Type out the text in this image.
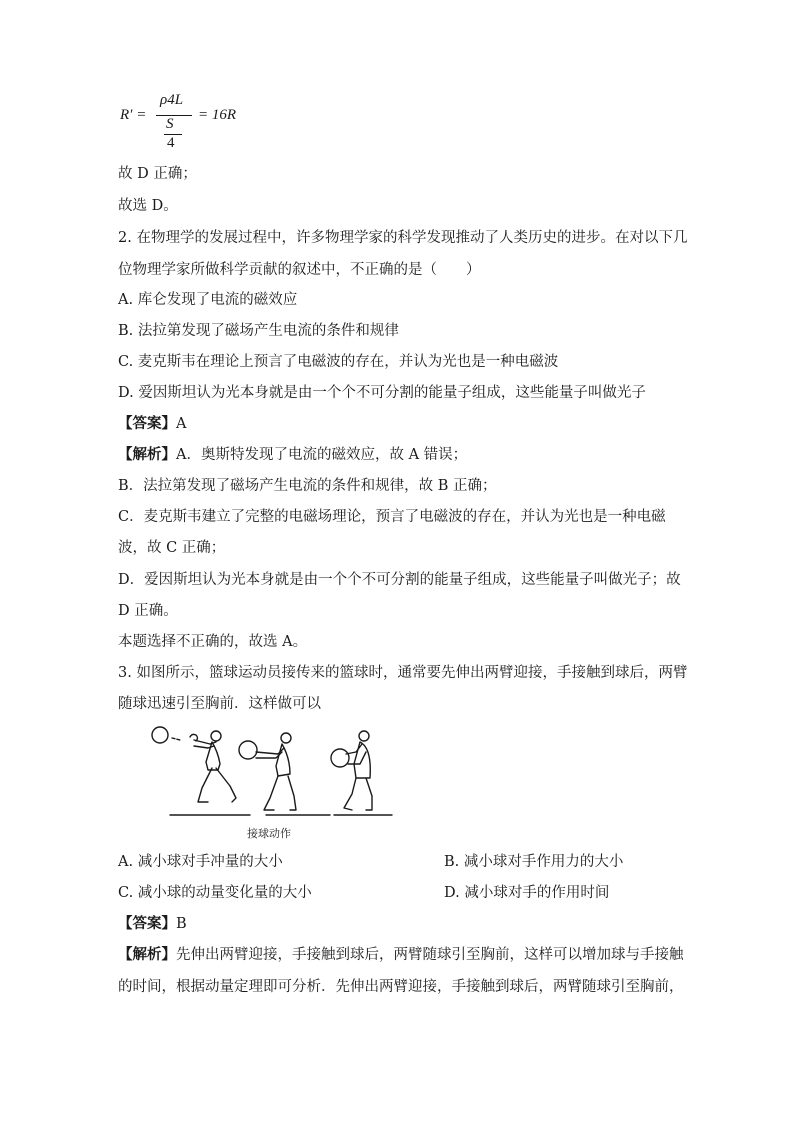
R′ =
ρ4L
S
4
= 16R
故 D 正确；
故选 D。
2. 在物理学的发展过程中，许多物理学家的科学发现推动了人类历史的进步。在对以下几
位物理学家所做科学贡献的叙述中，不正确的是（　　）
A. 库仑发现了电流的磁效应
B. 法拉第发现了磁场产生电流的条件和规律
C. 麦克斯韦在理论上预言了电磁波的存在，并认为光也是一种电磁波
D. 爱因斯坦认为光本身就是由一个个不可分割的能量子组成，这些能量子叫做光子
【答案】A
【解析】A．奥斯特发现了电流的磁效应，故 A 错误；
B．法拉第发现了磁场产生电流的条件和规律，故 B 正确；
C．麦克斯韦建立了完整的电磁场理论，预言了电磁波的存在，并认为光也是一种电磁
波，故 C 正确；
D．爱因斯坦认为光本身就是由一个个不可分割的能量子组成，这些能量子叫做光子；故
D 正确。
本题选择不正确的，故选 A。
3. 如图所示，篮球运动员接传来的篮球时，通常要先伸出两臂迎接，手接触到球后，两臂
随球迅速引至胸前．这样做可以
接球动作
A. 减小球对手冲量的大小	B. 减小球对手作用力的大小
C. 减小球的动量变化量的大小	D. 减小球对手的作用时间
【答案】B
【解析】先伸出两臂迎接，手接触到球后，两臂随球引至胸前，这样可以增加球与手接触
的时间，根据动量定理即可分析．先伸出两臂迎接，手接触到球后，两臂随球引至胸前，
